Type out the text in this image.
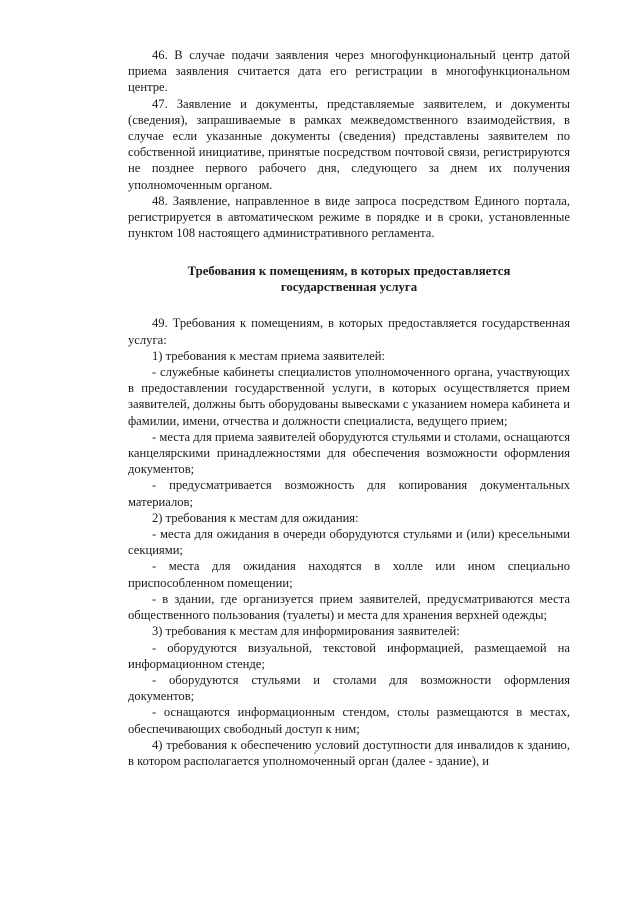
46. В случае подачи заявления через многофункциональный центр датой приема заявления считается дата его регистрации в многофункциональном центре.

47. Заявление и документы, представляемые заявителем, и документы (сведения), запрашиваемые в рамках межведомственного взаимодействия, в случае если указанные документы (сведения) представлены заявителем по собственной инициативе, принятые посредством почтовой связи, регистрируются не позднее первого рабочего дня, следующего за днем их получения уполномоченным органом.

48. Заявление, направленное в виде запроса посредством Единого портала, регистрируется в автоматическом режиме в порядке и в сроки, установленные пунктом 108 настоящего административного регламента.

Требования к помещениям, в которых предоставляется
государственная услуга

49. Требования к помещениям, в которых предоставляется государственная услуга:

1) требования к местам приема заявителей:

- служебные кабинеты специалистов уполномоченного органа, участвующих в предоставлении государственной услуги, в которых осуществляется прием заявителей, должны быть оборудованы вывесками с указанием номера кабинета и фамилии, имени, отчества и должности специалиста, ведущего прием;

- места для приема заявителей оборудуются стульями и столами, оснащаются канцелярскими принадлежностями для обеспечения возможности оформления документов;

- предусматривается возможность для копирования документальных материалов;

2) требования к местам для ожидания:

- места для ожидания в очереди оборудуются стульями и (или) кресельными секциями;

- места для ожидания находятся в холле или ином специально приспособленном помещении;

- в здании, где организуется прием заявителей, предусматриваются места общественного пользования (туалеты) и места для хранения верхней одежды;

3) требования к местам для информирования заявителей:

- оборудуются визуальной, текстовой информацией, размещаемой на информационном стенде;

- оборудуются стульями и столами для возможности оформления документов;

- оснащаются информационным стендом, столы размещаются в местах, обеспечивающих свободный доступ к ним;

4) требования к обеспечению условий доступности для инвалидов к зданию, в котором располагается уполномоченный орган (далее - здание), и
